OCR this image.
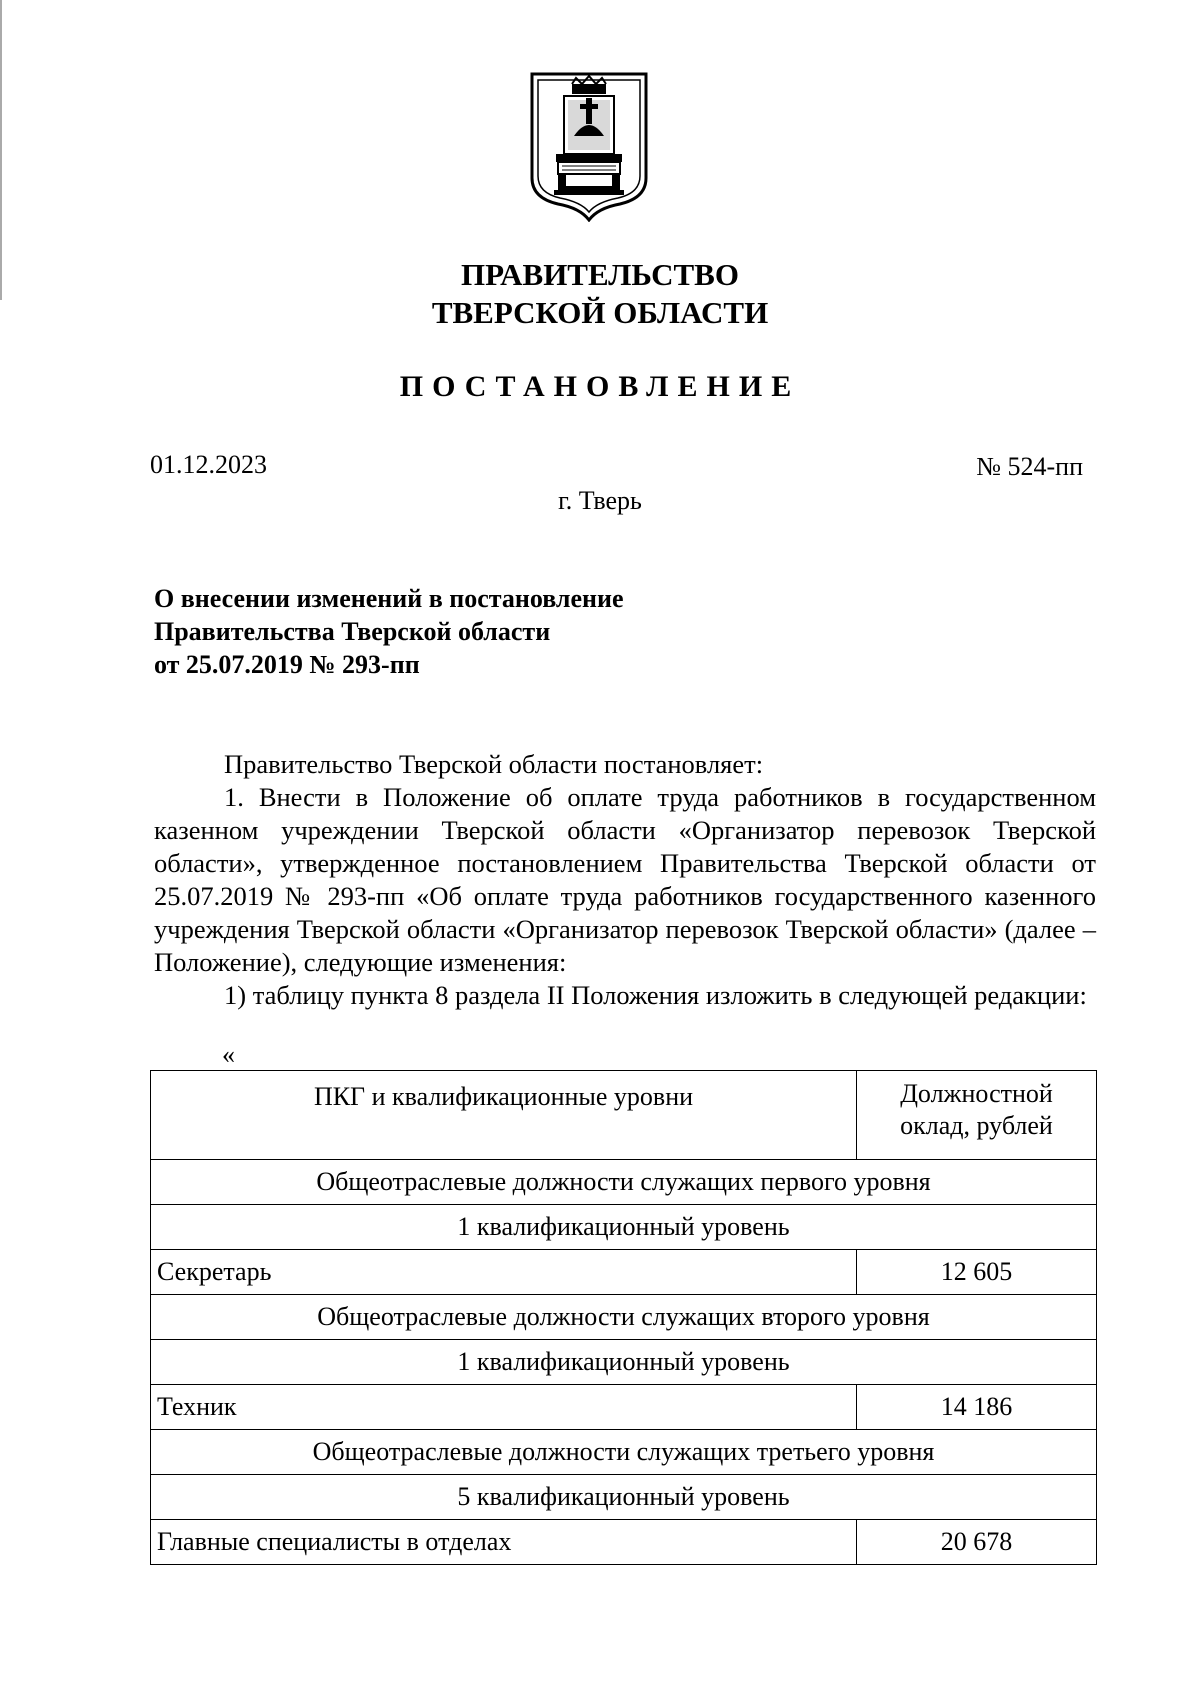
ПРАВИТЕЛЬСТВО
ТВЕРСКОЙ ОБЛАСТИ
ПОСТАНОВЛЕНИЕ
01.12.2023	№ 524-пп
г. Тверь
О внесении изменений в постановление
Правительства Тверской области
от 25.07.2019 № 293-пп

Правительство Тверской области постановляет:

1. Внести в Положение об оплате труда работников в государственном казенном учреждении Тверской области «Организатор перевозок Тверской области», утвержденное постановлением Правительства Тверской области от 25.07.2019 № 293-пп «Об оплате труда работников государственного казенного учреждения Тверской области «Организатор перевозок Тверской области» (далее – Положение), следующие изменения:

1) таблицу пункта 8 раздела II Положения изложить в следующей редакции:

«
ПКГ и квалификационные уровни	Должностной
оклад, рублей

Общеотраслевые должности служащих первого уровня	
1 квалификационный уровень	
Секретарь	12 605
Общеотраслевые должности служащих второго уровня	
1 квалификационный уровень	
Техник	14 186
Общеотраслевые должности служащих третьего уровня	
5 квалификационный уровень	
Главные специалисты в отделах	20 678
